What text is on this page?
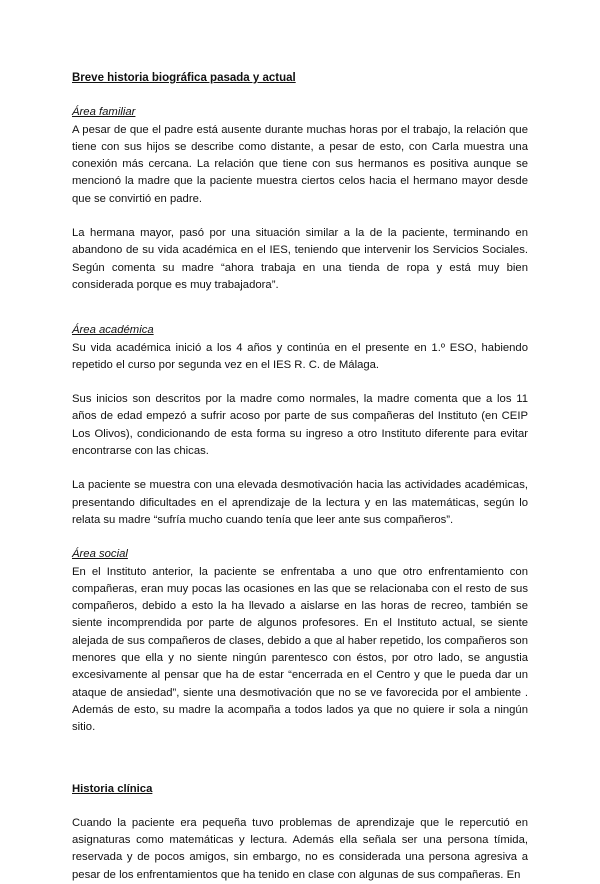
Breve historia biográfica pasada y actual
Área familiar

A pesar de que el padre está ausente durante muchas horas por el trabajo, la relación que tiene con sus hijos se describe como distante, a pesar de esto, con Carla muestra una conexión más cercana. La relación que tiene con sus hermanos es positiva aunque se mencionó la madre que la paciente muestra ciertos celos hacia el hermano mayor desde que se convirtió en padre.

La hermana mayor, pasó por una situación similar a la de la paciente, terminando en abandono de su vida académica en el IES, teniendo que intervenir los Servicios Sociales. Según comenta su madre “ahora trabaja en una tienda de ropa y está muy bien considerada porque es muy trabajadora”.

Área académica

Su vida académica inició a los 4 años y continúa en el presente en 1.º ESO, habiendo repetido el curso por segunda vez en el IES R. C. de Málaga.

Sus inicios son descritos por la madre como normales, la madre comenta que a los 11 años de edad empezó a sufrir acoso por parte de sus compañeras del Instituto (en CEIP Los Olivos), condicionando de esta forma su ingreso a otro Instituto diferente para evitar encontrarse con las chicas.

La paciente se muestra con una elevada desmotivación hacia las actividades académicas, presentando dificultades en el aprendizaje de la lectura y en las matemáticas, según lo relata su madre “sufría mucho cuando tenía que leer ante sus compañeros”.

Área social

En el Instituto anterior, la paciente se enfrentaba a uno que otro enfrentamiento con compañeras, eran muy pocas las ocasiones en las que se relacionaba con el resto de sus compañeros, debido a esto la ha llevado a aislarse en las horas de recreo, también se siente incomprendida por parte de algunos profesores. En el Instituto actual, se siente alejada de sus compañeros de clases, debido a que al haber repetido, los compañeros son menores que ella y no siente ningún parentesco con éstos, por otro lado, se angustia excesivamente al pensar que ha de estar “encerrada en el Centro y que le pueda dar un ataque de ansiedad”, siente una desmotivación que no se ve favorecida por el ambiente . Además de esto, su madre la acompaña a todos lados ya que no quiere ir sola a ningún sitio.

Historia clínica

Cuando la paciente era pequeña tuvo problemas de aprendizaje que le repercutió en asignaturas como matemáticas y lectura. Además ella señala ser una persona tímida, reservada y de pocos amigos, sin embargo, no es considerada una persona agresiva a pesar de los enfrentamientos que ha tenido en clase con algunas de sus compañeras. En
